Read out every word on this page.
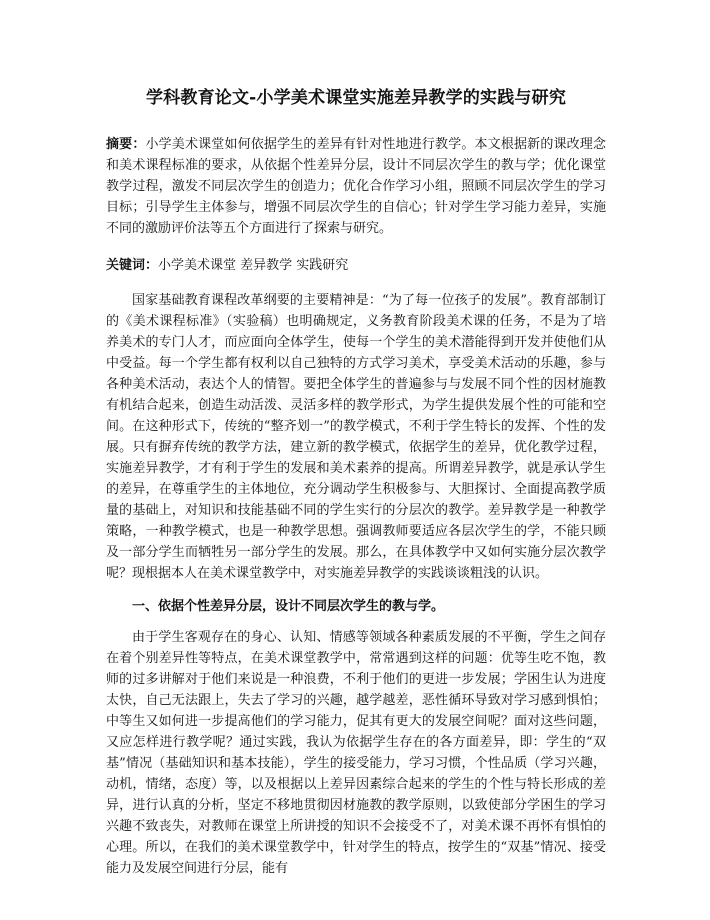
学科教育论文-小学美术课堂实施差异教学的实践与研究

摘要：小学美术课堂如何依据学生的差异有针对性地进行教学。本文根据新的课改理念和美术课程标准的要求，从依据个性差异分层，设计不同层次学生的教与学；优化课堂教学过程，激发不同层次学生的创造力；优化合作学习小组，照顾不同层次学生的学习目标；引导学生主体参与，增强不同层次学生的自信心；针对学生学习能力差异，实施不同的激励评价法等五个方面进行了探索与研究。

关键词：小学美术课堂 差异教学 实践研究

国家基础教育课程改革纲要的主要精神是：“为了每一位孩子的发展”。教育部制订的《美术课程标准》（实验稿）也明确规定，义务教育阶段美术课的任务，不是为了培养美术的专门人才，而应面向全体学生，使每一个学生的美术潜能得到开发并使他们从中受益。每一个学生都有权利以自己独特的方式学习美术，享受美术活动的乐趣，参与各种美术活动，表达个人的情智。要把全体学生的普遍参与与发展不同个性的因材施教有机结合起来，创造生动活泼、灵活多样的教学形式，为学生提供发展个性的可能和空间。在这种形式下，传统的“整齐划一”的教学模式，不利于学生特长的发挥、个性的发展。只有摒弃传统的教学方法，建立新的教学模式，依据学生的差异，优化教学过程，实施差异教学，才有利于学生的发展和美术素养的提高。所谓差异教学，就是承认学生的差异，在尊重学生的主体地位，充分调动学生积极参与、大胆探讨、全面提高教学质量的基础上，对知识和技能基础不同的学生实行的分层次的教学。差异教学是一种教学策略，一种教学模式，也是一种教学思想。强调教师要适应各层次学生的学，不能只顾及一部分学生而牺牲另一部分学生的发展。那么，在具体教学中又如何实施分层次教学呢？现根据本人在美术课堂教学中，对实施差异教学的实践谈谈粗浅的认识。

一、依据个性差异分层，设计不同层次学生的教与学。

由于学生客观存在的身心、认知、情感等领域各种素质发展的不平衡，学生之间存在着个别差异性等特点，在美术课堂教学中，常常遇到这样的问题：优等生吃不饱，教师的过多讲解对于他们来说是一种浪费，不利于他们的更进一步发展；学困生认为进度太快，自己无法跟上，失去了学习的兴趣，越学越差，恶性循环导致对学习感到惧怕；中等生又如何进一步提高他们的学习能力，促其有更大的发展空间呢？面对这些问题，又应怎样进行教学呢？通过实践，我认为依据学生存在的各方面差异，即：学生的“双基”情况（基础知识和基本技能），学生的接受能力，学习习惯，个性品质（学习兴趣，动机，情绪，态度）等，以及根据以上差异因素综合起来的学生的个性与特长形成的差异，进行认真的分析，坚定不移地贯彻因材施教的教学原则，以致使部分学困生的学习兴趣不致丧失，对教师在课堂上所讲授的知识不会接受不了，对美术课不再怀有惧怕的心理。所以，在我们的美术课堂教学中，针对学生的特点，按学生的“双基”情况、接受能力及发展空间进行分层，能有
